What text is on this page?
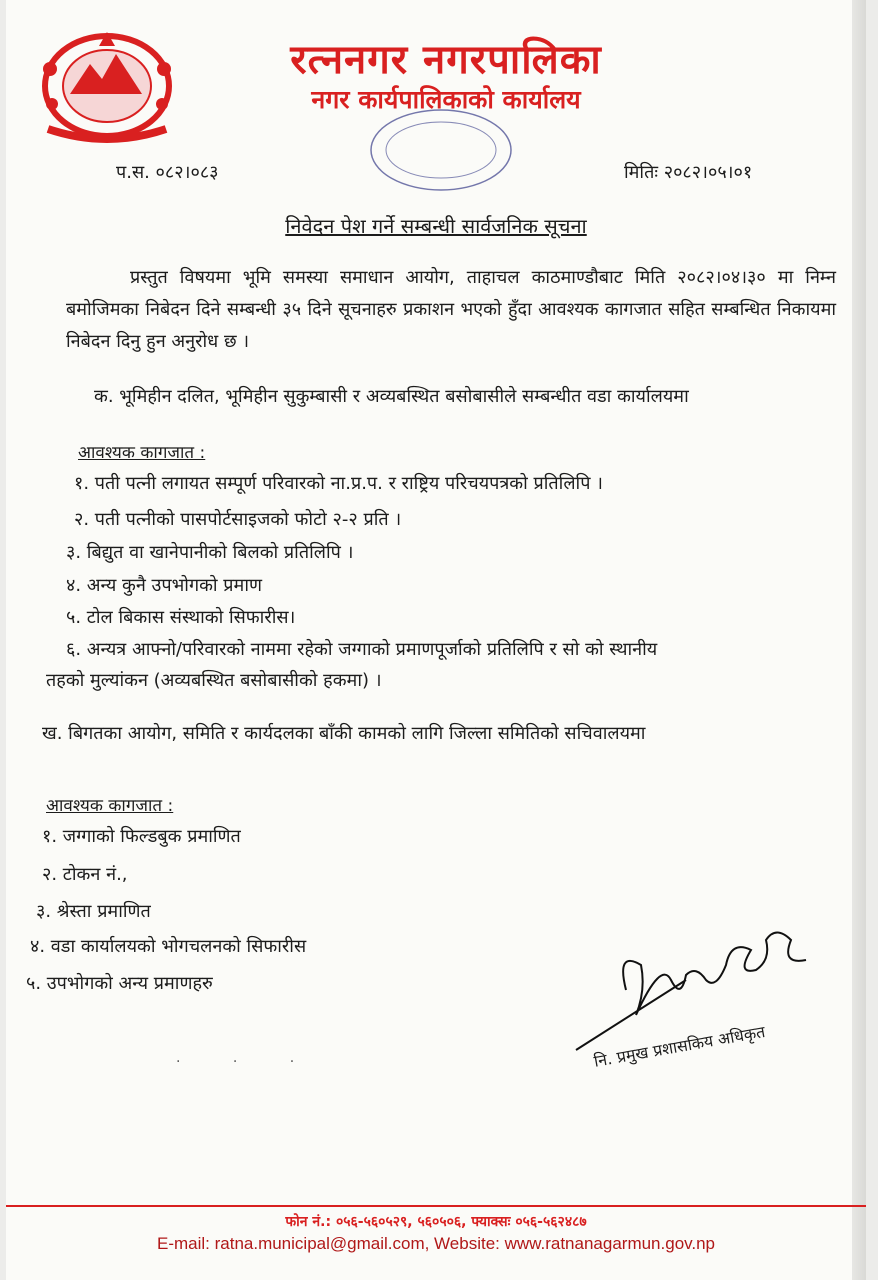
रत्ननगर नगरपालिका
नगर कार्यपालिकाको कार्यालय
प.स. ०८२।०८३	मितिः २०८२।०५।०१
निवेदन पेश गर्ने सम्बन्धी सार्वजनिक सूचना
प्रस्तुत विषयमा भूमि समस्या समाधान आयोग, ताहाचल काठमाण्डौबाट मिति २०८२।०४।३० मा निम्न बमोजिमका निबेदन दिने सम्बन्धी ३५ दिने सूचनाहरु प्रकाशन भएको हुँदा आवश्यक कागजात सहित सम्बन्धित निकायमा निबेदन दिनु हुन अनुरोध छ ।
क. भूमिहीन दलित, भूमिहीन सुकुम्बासी र अव्यबस्थित बसोबासीले सम्बन्धीत वडा कार्यालयमा
आवश्यक कागजात :
१. पती पत्नी लगायत सम्पूर्ण परिवारको ना.प्र.प. र राष्ट्रिय परिचयपत्रको प्रतिलिपि ।
२. पती पत्नीको पासपोर्टसाइजको फोटो २-२ प्रति ।
३. बिद्युत वा खानेपानीको बिलको प्रतिलिपि ।
४. अन्य कुनै उपभोगको प्रमाण
५. टोल बिकास संस्थाको सिफारीस।
६. अन्यत्र आफ्नो/परिवारको नाममा रहेको जग्गाको प्रमाणपूर्जाको प्रतिलिपि र सो को स्थानीय
तहको मुल्यांकन (अव्यबस्थित बसोबासीको हकमा) ।
ख. बिगतका आयोग, समिति र कार्यदलका बाँकी कामको लागि जिल्ला समितिको सचिवालयमा
आवश्यक कागजात :
१. जग्गाको फिल्डबुक प्रमाणित
२. टोकन नं.,
३. श्रेस्ता प्रमाणित
४. वडा कार्यालयको भोगचलनको सिफारीस
५. उपभोगको अन्य प्रमाणहरु
. . .	नि. प्रमुख प्रशासकिय अधिकृत
फोन नं.: ०५६-५६०५२९, ५६०५०६, फ्याक्सः ०५६-५६२४८७
E-mail: ratna.municipal@gmail.com, Website: www.ratnanagarmun.gov.np
